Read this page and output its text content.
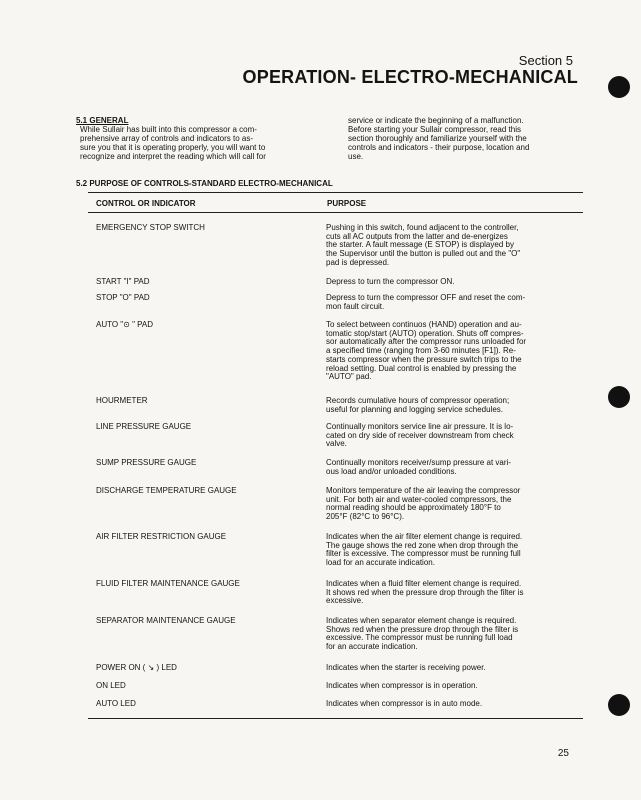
Section 5
OPERATION- ELECTRO-MECHANICAL
5.1 GENERAL
While Sullair has built into this compressor a com-
prehensive array of controls and indicators to as-
sure you that it is operating properly, you will want to
recognize and interpret the reading which will call for
service or indicate the beginning of a malfunction.
Before starting your Sullair compressor, read this
section thoroughly and familiarize yourself with the
controls and indicators - their purpose, location and
use.
5.2 PURPOSE OF CONTROLS-STANDARD ELECTRO-MECHANICAL
CONTROL OR INDICATOR	PURPOSE
EMERGENCY STOP SWITCH	Pushing in this switch, found adjacent to the controller,
cuts all AC outputs from the latter and de-energizes
the starter. A fault message (E STOP) is displayed by
the Supervisor until the button is pulled out and the "O"
pad is depressed.
START "I" PAD	Depress to turn the compressor ON.
STOP "O" PAD	Depress to turn the compressor OFF and reset the com-
mon fault circuit.
AUTO "⊙ " PAD	To select between continuos (HAND) operation and au-
tomatic stop/start (AUTO) operation. Shuts off compres-
sor automatically after the compressor runs unloaded for
a specified time (ranging from 3-60 minutes [F1]). Re-
starts compressor when the pressure switch trips to the
reload setting. Dual control is enabled by pressing the
"AUTO" pad.
HOURMETER	Records cumulative hours of compressor operation;
useful for planning and logging service schedules.
LINE PRESSURE GAUGE	Continually monitors service line air pressure. It is lo-
cated on dry side of receiver downstream from check
valve.
SUMP PRESSURE GAUGE	Continually monitors receiver/sump pressure at vari-
ous load and/or unloaded conditions.
DISCHARGE TEMPERATURE GAUGE	Monitors temperature of the air leaving the compressor
unit. For both air and water-cooled compressors, the
normal reading should be approximately 180°F to
205°F (82°C to 96°C).
AIR FILTER RESTRICTION GAUGE	Indicates when the air filter element change is required.
The gauge shows the red zone when drop through the
filter is excessive. The compressor must be running full
load for an accurate indication.
FLUID FILTER MAINTENANCE GAUGE	Indicates when a fluid filter element change is required.
It shows red when the pressure drop through the filter is
excessive.
SEPARATOR MAINTENANCE GAUGE	Indicates when separator element change is required.
Shows red when the pressure drop through the filter is
excessive. The compressor must be running full load
for an accurate indication.
POWER ON ( ↘ ) LED	Indicates when the starter is receiving power.
ON LED	Indicates when compressor is in operation.
AUTO LED	Indicates when compressor is in auto mode.
25
